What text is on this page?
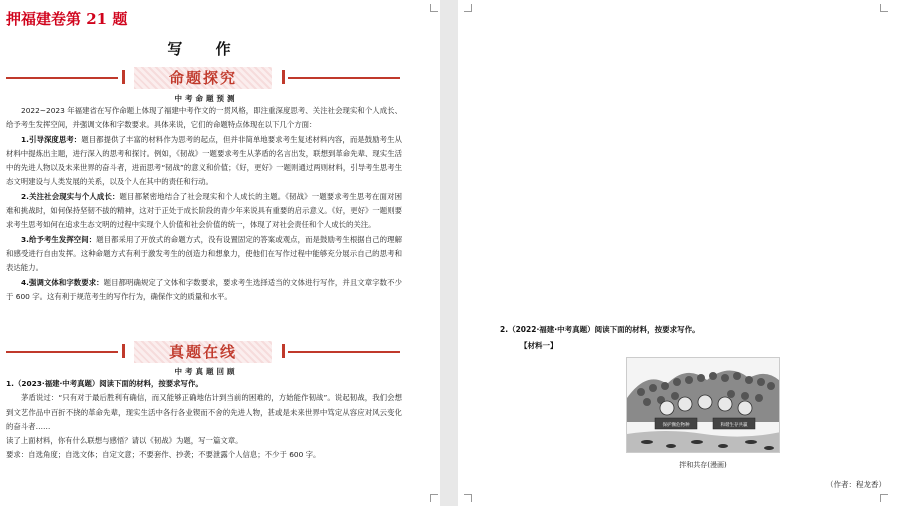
押福建卷第 21 题
写 作
命题探究
中考命题预测

2022~2023 年福建省在写作命题上体现了福建中考作文的一贯风格，即注重深度思考、关注社会现实和个人成长、给予考生发挥空间，并强调文体和字数要求。具体来说，它们的命题特点体现在以下几个方面：

1.引导深度思考：题目都提供了丰富的材料作为思考的起点，但并非简单地要求考生复述材料内容，而是鼓励考生从材料中提炼出主题，进行深入的思考和探讨。例如，《韧战》一题要求考生从茅盾的名言出发，联想到革命先辈、现实生活中的先进人物以及未来世界的奋斗者，进而思考“韧战”的意义和价值；《好，更好》一题则通过两则材料，引导考生思考生态文明建设与人类发展的关系，以及个人在其中的责任和行动。

2.关注社会现实与个人成长：题目都紧密地结合了社会现实和个人成长的主题。《韧战》一题要求考生思考在面对困难和挑战时，如何保持坚韧不拔的精神，这对于正处于成长阶段的青少年来说具有重要的启示意义。《好，更好》一题则要求考生思考如何在追求生态文明的过程中实现个人价值和社会价值的统一，体现了对社会责任和个人成长的关注。

3.给予考生发挥空间：题目都采用了开放式的命题方式，没有设置固定的答案或观点，而是鼓励考生根据自己的理解和感受进行自由发挥。这种命题方式有利于激发考生的创造力和想象力，使他们在写作过程中能够充分展示自己的思考和表达能力。

4.强调文体和字数要求：题目都明确规定了文体和字数要求，要求考生选择适当的文体进行写作，并且文章字数不少于 600 字。这有利于规范考生的写作行为，确保作文的质量和水平。

真题在线
中考真题回顾

1.（2023·福建·中考真题）阅读下面的材料，按要求写作。

茅盾说过：“只有对于最后胜利有确信，而又能够正确地估计到当前的困难的，方始能作韧战”。说起韧战，我们会想到文艺作品中百折不挠的革命先辈，现实生活中各行各业锲而不舍的先进人物，甚或是未来世界中笃定从容应对风云变化的奋斗者……

读了上面材料，你有什么联想与感悟？请以《韧战》为题，写一篇文章。

要求：自选角度；自选文体；自定文意；不要套作、抄袭；不要泄露个人信息；不少于 600 字。

2.（2022·福建·中考真题）阅读下面的材料，按要求写作。
【材料一】
保护濒危物种	和谐生存共赢
拌和共存(漫画)
（作者：程龙香）
